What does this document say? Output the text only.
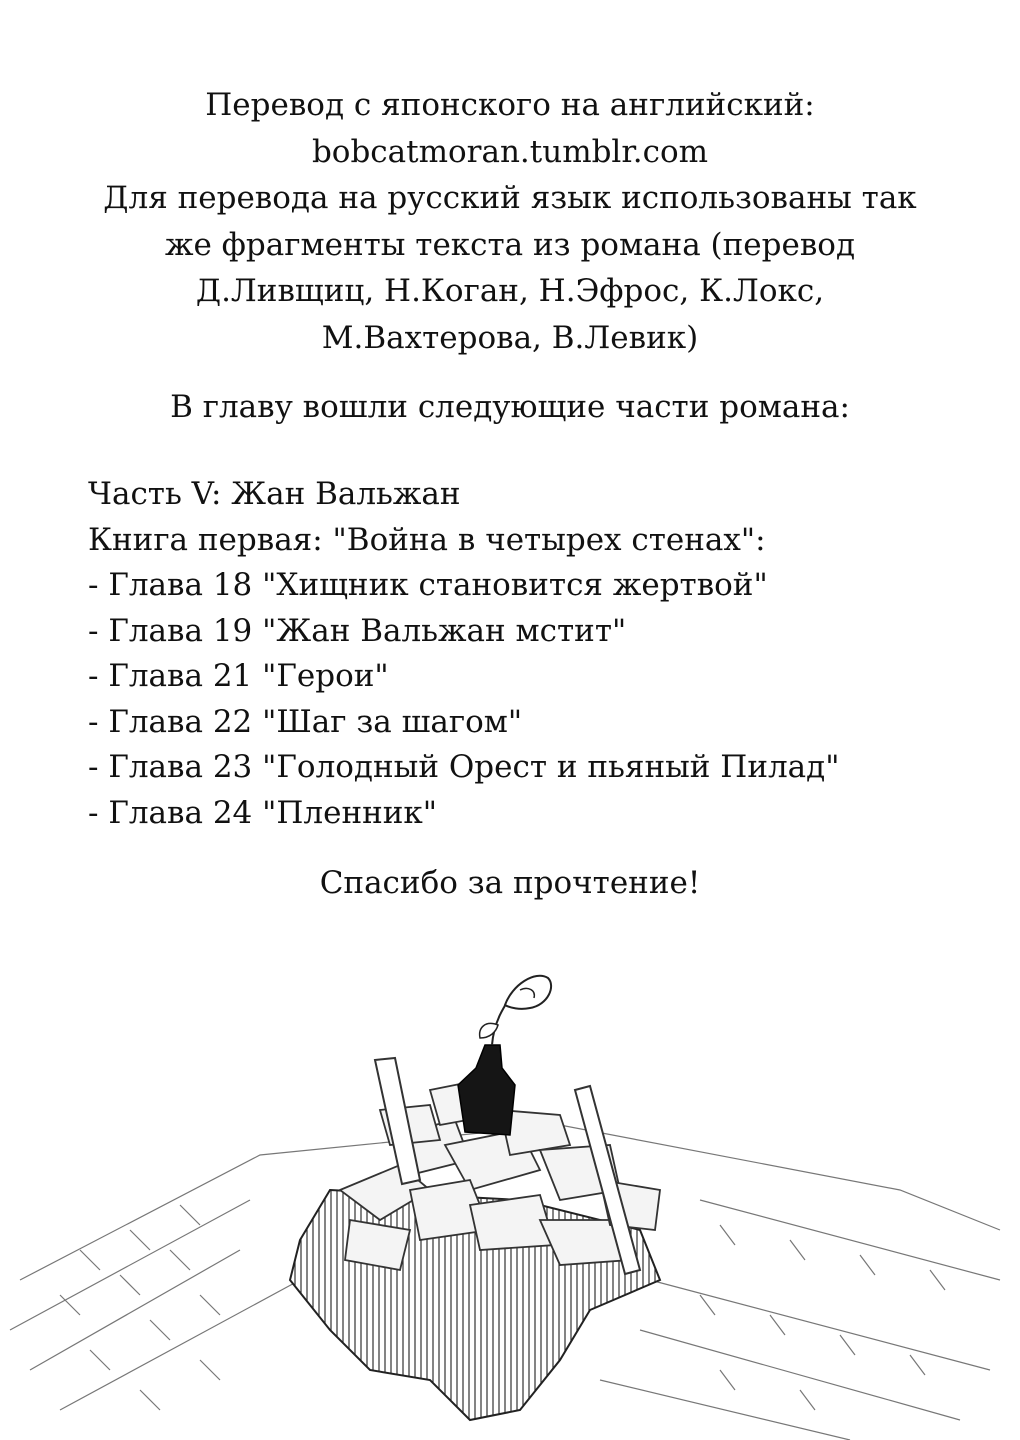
Перевод с японского на английский:
bobcatmoran.tumblr.com
Для перевода на русский язык использованы так
же фрагменты текста из романа (перевод
Д.Ливщиц, Н.Коган, Н.Эфрос, К.Локс,
М.Вахтерова, В.Левик)
В главу вошли следующие части романа:
Часть V: Жан Вальжан
Книга первая: "Война в четырех стенах":
- Глава 18 "Хищник становится жертвой"
- Глава 19 "Жан Вальжан мстит"
- Глава 21 "Герои"
- Глава 22 "Шаг за шагом"
- Глава 23 "Голодный Орест и пьяный Пилад"
- Глава 24 "Пленник"
Спасибо за прочтение!
